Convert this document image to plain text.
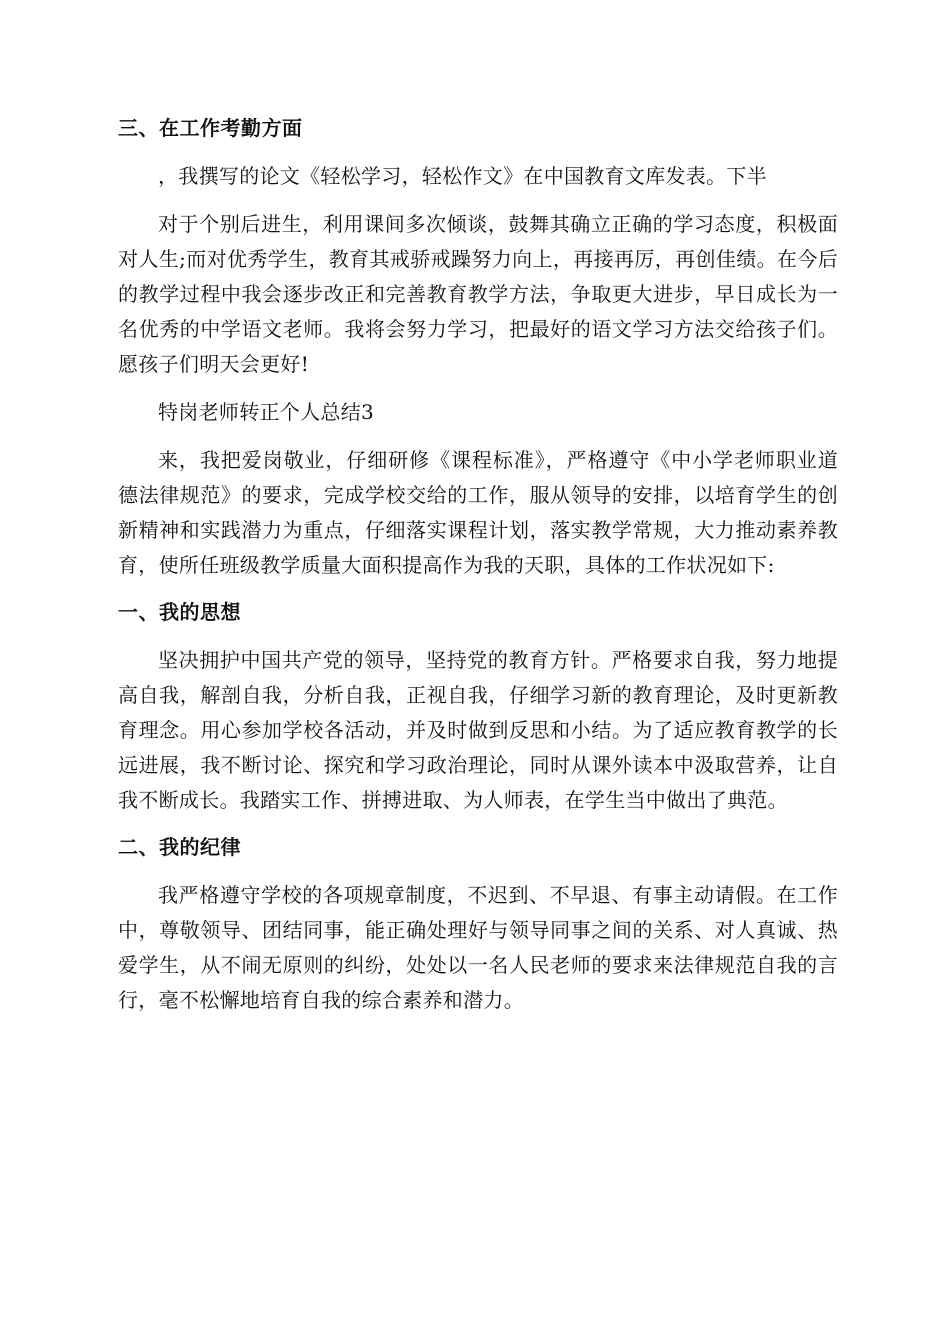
三、在工作考勤方面

，我撰写的论文《轻松学习，轻松作文》在中国教育文库发表。下半

对于个别后进生，利用课间多次倾谈，鼓舞其确立正确的学习态度，积极面对人生;而对优秀学生，教育其戒骄戒躁努力向上，再接再厉，再创佳绩。在今后的教学过程中我会逐步改正和完善教育教学方法，争取更大进步，早日成长为一名优秀的中学语文老师。我将会努力学习，把最好的语文学习方法交给孩子们。愿孩子们明天会更好!

特岗老师转正个人总结3

来，我把爱岗敬业，仔细研修《课程标准》，严格遵守《中小学老师职业道德法律规范》的要求，完成学校交给的工作，服从领导的安排，以培育学生的创新精神和实践潜力为重点，仔细落实课程计划，落实教学常规，大力推动素养教育，使所任班级教学质量大面积提高作为我的天职，具体的工作状况如下:

一、我的思想

坚决拥护中国共产党的领导，坚持党的教育方针。严格要求自我，努力地提高自我，解剖自我，分析自我，正视自我，仔细学习新的教育理论，及时更新教育理念。用心参加学校各活动，并及时做到反思和小结。为了适应教育教学的长远进展，我不断讨论、探究和学习政治理论，同时从课外读本中汲取营养，让自我不断成长。我踏实工作、拼搏进取、为人师表，在学生当中做出了典范。

二、我的纪律

我严格遵守学校的各项规章制度，不迟到、不早退、有事主动请假。在工作中，尊敬领导、团结同事，能正确处理好与领导同事之间的关系、对人真诚、热爱学生，从不闹无原则的纠纷，处处以一名人民老师的要求来法律规范自我的言行，毫不松懈地培育自我的综合素养和潜力。
